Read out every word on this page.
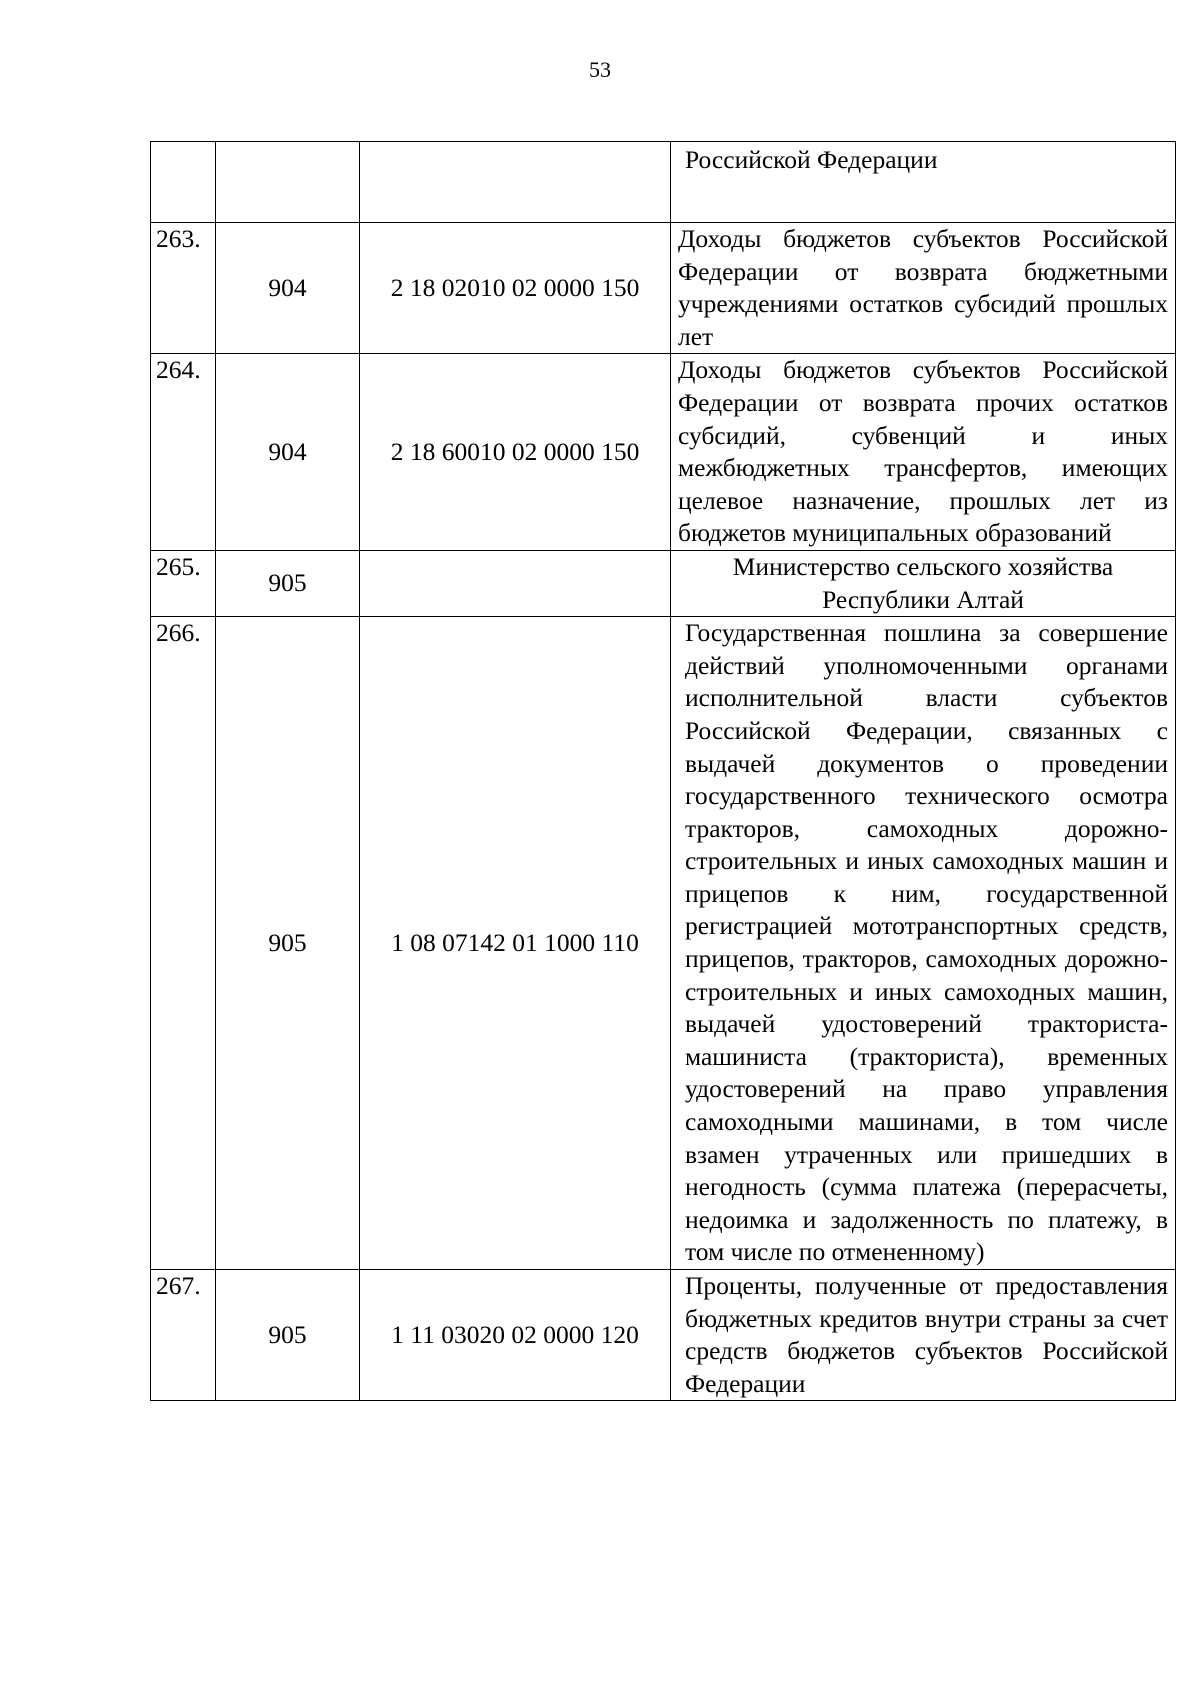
53
			Российской Федерации
263.	904	2 18 02010 02 0000 150	Доходы бюджетов субъектов Российской Федерации от возврата бюджетными учреждениями остатков субсидий прошлых лет
264.	904	2 18 60010 02 0000 150	Доходы бюджетов субъектов Российской Федерации от возврата прочих остатков субсидий, субвенций и иных межбюджетных трансфертов, имеющих целевое назначение, прошлых лет из бюджетов муниципальных образований
265.	905		Министерство сельского хозяйства Республики Алтай
266.	905	1 08 07142 01 1000 110	Государственная пошлина за совершение действий уполномоченными органами исполнительной власти субъектов Российской Федерации, связанных с выдачей документов о проведении государственного технического осмотра тракторов, самоходных дорожно-строительных и иных самоходных машин и прицепов к ним, государственной регистрацией мототранспортных средств, прицепов, тракторов, самоходных дорожно-строительных и иных самоходных машин, выдачей удостоверений тракториста-машиниста (тракториста), временных удостоверений на право управления самоходными машинами, в том числе взамен утраченных или пришедших в негодность (сумма платежа (перерасчеты, недоимка и задолженность по платежу, в том числе по отмененному)
267.	905	1 11 03020 02 0000 120	Проценты, полученные от предоставления бюджетных кредитов внутри страны за счет средств бюджетов субъектов Российской Федерации
